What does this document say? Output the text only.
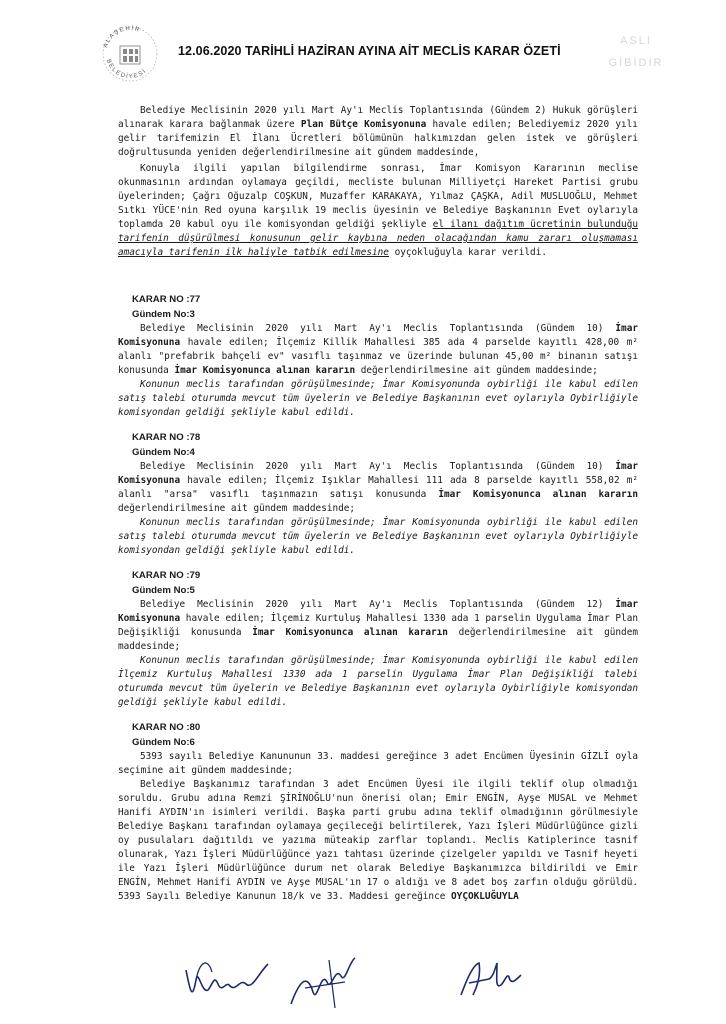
ALAŞEHİR
BELEDİYESİ
12.06.2020 TARİHLİ HAZİRAN AYINA AİT MECLİS KARAR ÖZETİ
ASLI GİBİDİR

Belediye Meclisinin 2020 yılı Mart Ay'ı Meclis Toplantısında (Gündem 2) Hukuk görüşleri alınarak karara bağlanmak üzere Plan Bütçe Komisyonuna havale edilen; Belediyemiz 2020 yılı gelir tarifemizin El İlanı Ücretleri bölümünün halkımızdan gelen istek ve görüşleri doğrultusunda yeniden değerlendirilmesine ait gündem maddesinde,

Konuyla ilgili yapılan bilgilendirme sonrası, İmar Komisyon Kararının meclise okunmasının ardından oylamaya geçildi, mecliste bulunan Milliyetçi Hareket Partisi grubu üyelerinden; Çağrı Oğuzalp COŞKUN, Muzaffer KARAKAYA, Yılmaz ÇAŞKA, Adil MUSLUOĞLU, Mehmet Sıtkı YÜCE'nin Red oyuna karşılık 19 meclis üyesinin ve Belediye Başkanının Evet oylarıyla toplamda 20 kabul oyu ile komisyondan geldiği şekliyle el ilanı dağıtım ücretinin bulunduğu tarifenin düşürülmesi konusunun gelir kaybına neden olacağından kamu zararı oluşmaması amacıyla tarifenin ilk haliyle tatbik edilmesine oyçokluğuyla karar verildi.

KARAR NO :77
Gündem No:3

Belediye Meclisinin 2020 yılı Mart Ay'ı Meclis Toplantısında (Gündem 10) İmar Komisyonuna havale edilen; İlçemiz Killik Mahallesi 385 ada 4 parselde kayıtlı 428,00 m² alanlı "prefabrik bahçeli ev" vasıflı taşınmaz ve üzerinde bulunan 45,00 m² binanın satışı konusunda İmar Komisyonunca alınan kararın değerlendirilmesine ait gündem maddesinde;

Konunun meclis tarafından görüşülmesinde; İmar Komisyonunda oybirliği ile kabul edilen satış talebi oturumda mevcut tüm üyelerin ve Belediye Başkanının evet oylarıyla Oybirliğiyle komisyondan geldiği şekliyle kabul edildi.

KARAR NO :78
Gündem No:4

Belediye Meclisinin 2020 yılı Mart Ay'ı Meclis Toplantısında (Gündem 10) İmar Komisyonuna havale edilen; İlçemiz Işıklar Mahallesi 111 ada 8 parselde kayıtlı 558,02 m² alanlı "arsa" vasıflı taşınmazın satışı konusunda İmar Komisyonunca alınan kararın değerlendirilmesine ait gündem maddesinde;

Konunun meclis tarafından görüşülmesinde; İmar Komisyonunda oybirliği ile kabul edilen satış talebi oturumda mevcut tüm üyelerin ve Belediye Başkanının evet oylarıyla Oybirliğiyle komisyondan geldiği şekliyle kabul edildi.

KARAR NO :79
Gündem No:5

Belediye Meclisinin 2020 yılı Mart Ay'ı Meclis Toplantısında (Gündem 12) İmar Komisyonuna havale edilen; İlçemiz Kurtuluş Mahallesi 1330 ada 1 parselin Uygulama İmar Plan Değişikliği konusunda İmar Komisyonunca alınan kararın değerlendirilmesine ait gündem maddesinde;

Konunun meclis tarafından görüşülmesinde; İmar Komisyonunda oybirliği ile kabul edilen İlçemiz Kurtuluş Mahallesi 1330 ada 1 parselin Uygulama İmar Plan Değişikliği talebi oturumda mevcut tüm üyelerin ve Belediye Başkanının evet oylarıyla Oybirliğiyle komisyondan geldiği şekliyle kabul edildi.

KARAR NO :80
Gündem No:6

5393 sayılı Belediye Kanununun 33. maddesi gereğince 3 adet Encümen Üyesinin GİZLİ oyla seçimine ait gündem maddesinde;

Belediye Başkanımız tarafından 3 adet Encümen Üyesi ile ilgili teklif olup olmadığı soruldu. Grubu adına Remzi ŞİRİNOĞLU'nun önerisi olan; Emir ENGİN, Ayşe MUSAL ve Mehmet Hanifi AYDIN'ın isimleri verildi. Başka parti grubu adına teklif olmadığının görülmesiyle Belediye Başkanı tarafından oylamaya geçileceği belirtilerek, Yazı İşleri Müdürlüğünce gizli oy pusulaları dağıtıldı ve yazıma müteakip zarflar toplandı. Meclis Katiplerince tasnif olunarak, Yazı İşleri Müdürlüğünce yazı tahtası üzerinde çizelgeler yapıldı ve Tasnif heyeti ile Yazı İşleri Müdürlüğünce durum net olarak Belediye Başkanımızca bildirildi ve Emir ENGİN, Mehmet Hanifi AYDIN ve Ayşe MUSAL'ın 17 o aldığı ve 8 adet boş zarfın olduğu görüldü. 5393 Sayılı Belediye Kanunun 18/k ve 33. Maddesi gereğince OYÇOKLUĞUYLA
